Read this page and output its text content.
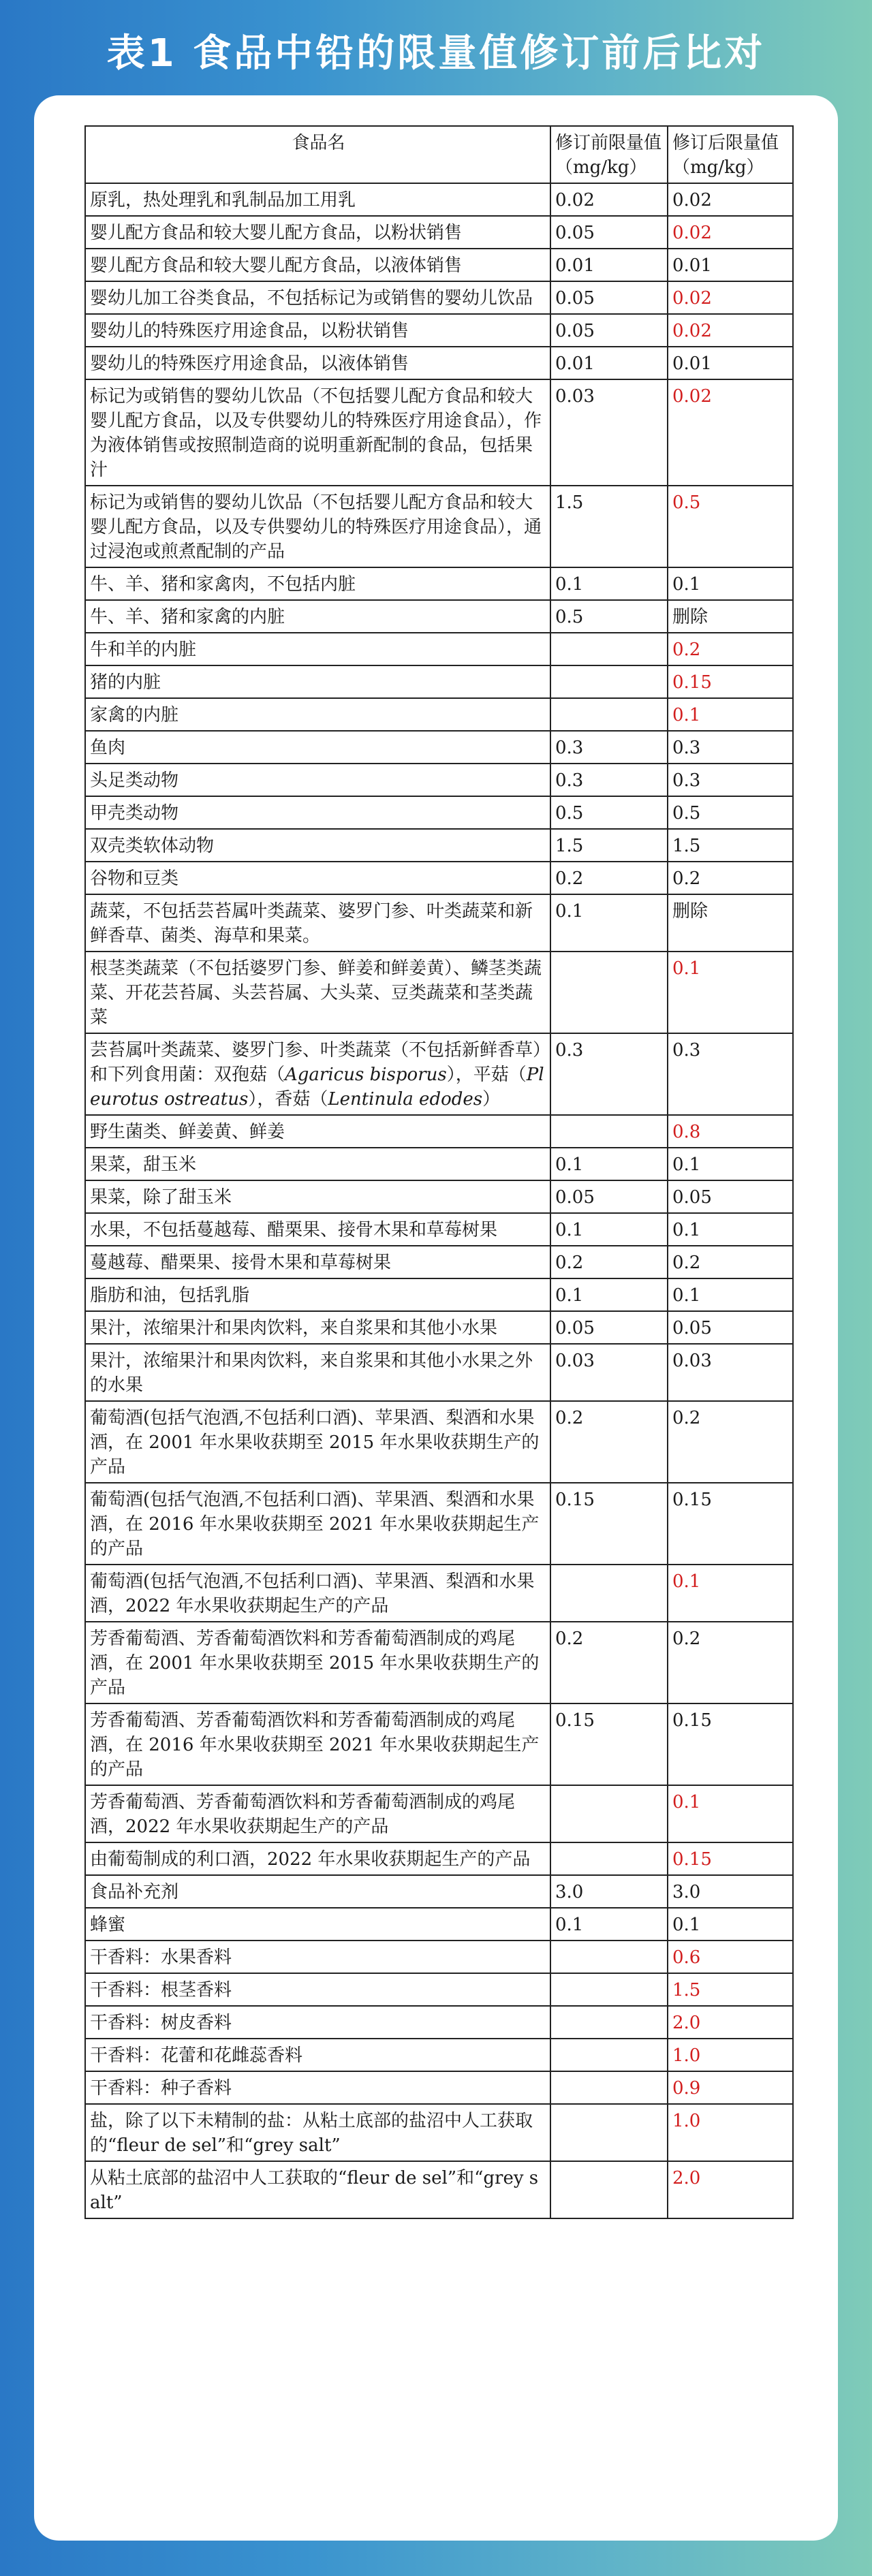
表1 食品中铅的限量值修订前后比对
食品名	修订前限量值（mg/kg）	修订后限量值（mg/kg）
原乳，热处理乳和乳制品加工用乳	0.02	0.02
婴儿配方食品和较大婴儿配方食品，以粉状销售	0.05	0.02
婴儿配方食品和较大婴儿配方食品，以液体销售	0.01	0.01
婴幼儿加工谷类食品，不包括标记为或销售的婴幼儿饮品	0.05	0.02
婴幼儿的特殊医疗用途食品，以粉状销售	0.05	0.02
婴幼儿的特殊医疗用途食品，以液体销售	0.01	0.01
标记为或销售的婴幼儿饮品（不包括婴儿配方食品和较大婴儿配方食品，以及专供婴幼儿的特殊医疗用途食品），作为液体销售或按照制造商的说明重新配制的食品，包括果汁	0.03	0.02
标记为或销售的婴幼儿饮品（不包括婴儿配方食品和较大婴儿配方食品，以及专供婴幼儿的特殊医疗用途食品），通过浸泡或煎煮配制的产品	1.5	0.5
牛、羊、猪和家禽肉，不包括内脏	0.1	0.1
牛、羊、猪和家禽的内脏	0.5	删除
牛和羊的内脏		0.2
猪的内脏		0.15
家禽的内脏		0.1
鱼肉	0.3	0.3
头足类动物	0.3	0.3
甲壳类动物	0.5	0.5
双壳类软体动物	1.5	1.5
谷物和豆类	0.2	0.2
蔬菜，不包括芸苔属叶类蔬菜、婆罗门参、叶类蔬菜和新鲜香草、菌类、海草和果菜。	0.1	删除
根茎类蔬菜（不包括婆罗门参、鲜姜和鲜姜黄）、鳞茎类蔬菜、开花芸苔属、头芸苔属、大头菜、豆类蔬菜和茎类蔬菜		0.1
芸苔属叶类蔬菜、婆罗门参、叶类蔬菜（不包括新鲜香草）和下列食用菌：双孢菇（Agaricus bisporus），平菇（Pleurotus ostreatus），香菇（Lentinula edodes）	0.3	0.3
野生菌类、鲜姜黄、鲜姜		0.8
果菜，甜玉米	0.1	0.1
果菜，除了甜玉米	0.05	0.05
水果，不包括蔓越莓、醋栗果、接骨木果和草莓树果	0.1	0.1
蔓越莓、醋栗果、接骨木果和草莓树果	0.2	0.2
脂肪和油，包括乳脂	0.1	0.1
果汁，浓缩果汁和果肉饮料，来自浆果和其他小水果	0.05	0.05
果汁，浓缩果汁和果肉饮料，来自浆果和其他小水果之外的水果	0.03	0.03
葡萄酒(包括气泡酒,不包括利口酒)、苹果酒、梨酒和水果酒，在 2001 年水果收获期至 2015 年水果收获期生产的产品	0.2	0.2
葡萄酒(包括气泡酒,不包括利口酒)、苹果酒、梨酒和水果酒，在 2016 年水果收获期至 2021 年水果收获期起生产的产品	0.15	0.15
葡萄酒(包括气泡酒,不包括利口酒)、苹果酒、梨酒和水果酒，2022 年水果收获期起生产的产品		0.1
芳香葡萄酒、芳香葡萄酒饮料和芳香葡萄酒制成的鸡尾酒，在 2001 年水果收获期至 2015 年水果收获期生产的产品	0.2	0.2
芳香葡萄酒、芳香葡萄酒饮料和芳香葡萄酒制成的鸡尾酒，在 2016 年水果收获期至 2021 年水果收获期起生产的产品	0.15	0.15
芳香葡萄酒、芳香葡萄酒饮料和芳香葡萄酒制成的鸡尾酒，2022 年水果收获期起生产的产品		0.1
由葡萄制成的利口酒，2022 年水果收获期起生产的产品		0.15
食品补充剂	3.0	3.0
蜂蜜	0.1	0.1
干香料：水果香料		0.6
干香料：根茎香料		1.5
干香料：树皮香料		2.0
干香料：花蕾和花雌蕊香料		1.0
干香料：种子香料		0.9
盐，除了以下未精制的盐：从粘土底部的盐沼中人工获取的“fleur de sel”和“grey salt”		1.0
从粘土底部的盐沼中人工获取的“fleur de sel”和“grey salt”		2.0
